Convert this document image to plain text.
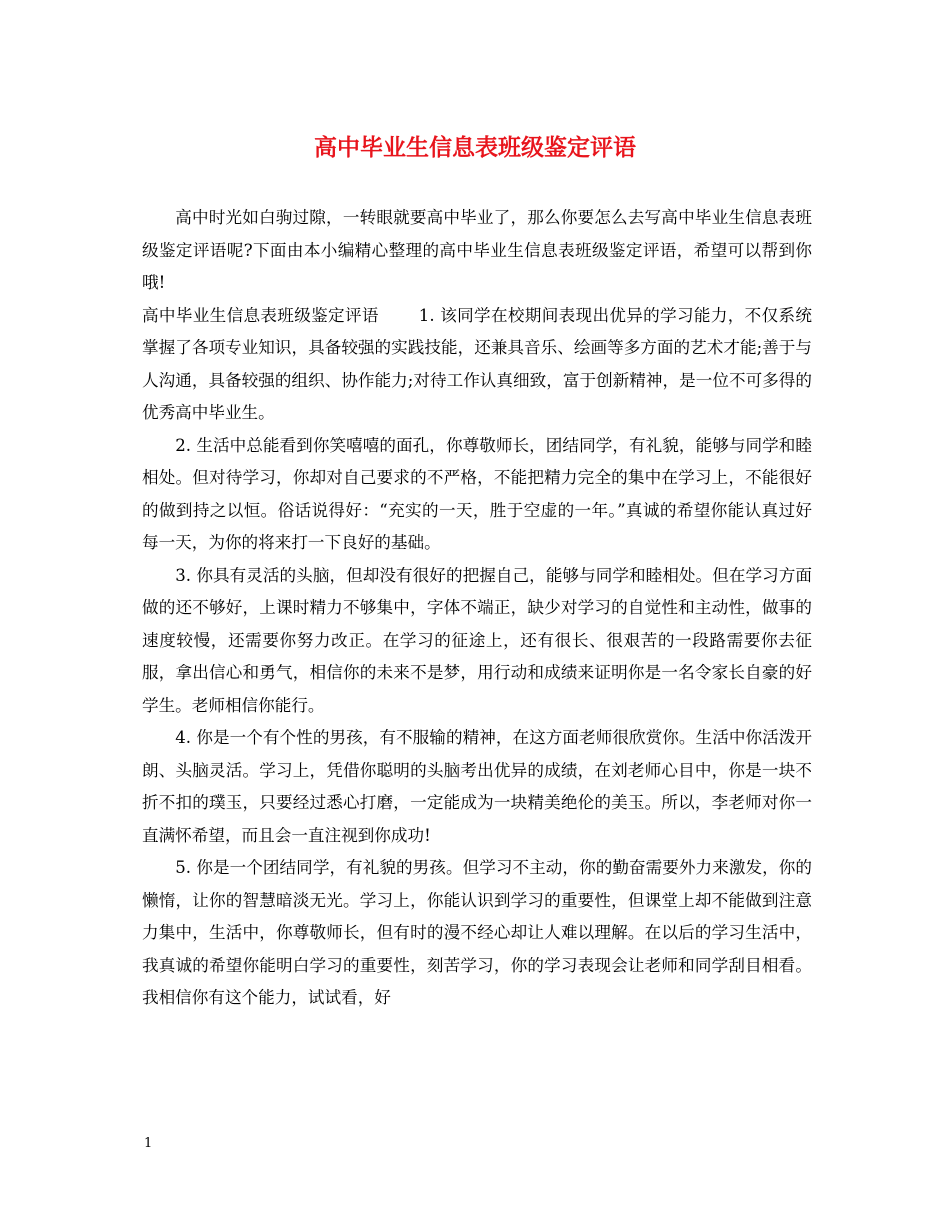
高中毕业生信息表班级鉴定评语

高中时光如白驹过隙，一转眼就要高中毕业了，那么你要怎么去写高中毕业生信息表班级鉴定评语呢?下面由本小编精心整理的高中毕业生信息表班级鉴定评语，希望可以帮到你哦!

高中毕业生信息表班级鉴定评语 1. 该同学在校期间表现出优异的学习能力，不仅系统掌握了各项专业知识，具备较强的实践技能，还兼具音乐、绘画等多方面的艺术才能;善于与人沟通，具备较强的组织、协作能力;对待工作认真细致，富于创新精神，是一位不可多得的优秀高中毕业生。

2. 生活中总能看到你笑嘻嘻的面孔，你尊敬师长，团结同学，有礼貌，能够与同学和睦相处。但对待学习，你却对自己要求的不严格，不能把精力完全的集中在学习上，不能很好的做到持之以恒。俗话说得好：“充实的一天，胜于空虚的一年。”真诚的希望你能认真过好每一天，为你的将来打一下良好的基础。

3. 你具有灵活的头脑，但却没有很好的把握自己，能够与同学和睦相处。但在学习方面做的还不够好，上课时精力不够集中，字体不端正，缺少对学习的自觉性和主动性，做事的速度较慢，还需要你努力改正。在学习的征途上，还有很长、很艰苦的一段路需要你去征服，拿出信心和勇气，相信你的未来不是梦，用行动和成绩来证明你是一名令家长自豪的好学生。老师相信你能行。

4. 你是一个有个性的男孩，有不服输的精神，在这方面老师很欣赏你。生活中你活泼开朗、头脑灵活。学习上，凭借你聪明的头脑考出优异的成绩，在刘老师心目中，你是一块不折不扣的璞玉，只要经过悉心打磨，一定能成为一块精美绝伦的美玉。所以，李老师对你一直满怀希望，而且会一直注视到你成功!

5. 你是一个团结同学，有礼貌的男孩。但学习不主动，你的勤奋需要外力来激发，你的懒惰，让你的智慧暗淡无光。学习上，你能认识到学习的重要性，但课堂上却不能做到注意力集中，生活中，你尊敬师长，但有时的漫不经心却让人难以理解。在以后的学习生活中，我真诚的希望你能明白学习的重要性，刻苦学习，你的学习表现会让老师和同学刮目相看。我相信你有这个能力，试试看，好

1
